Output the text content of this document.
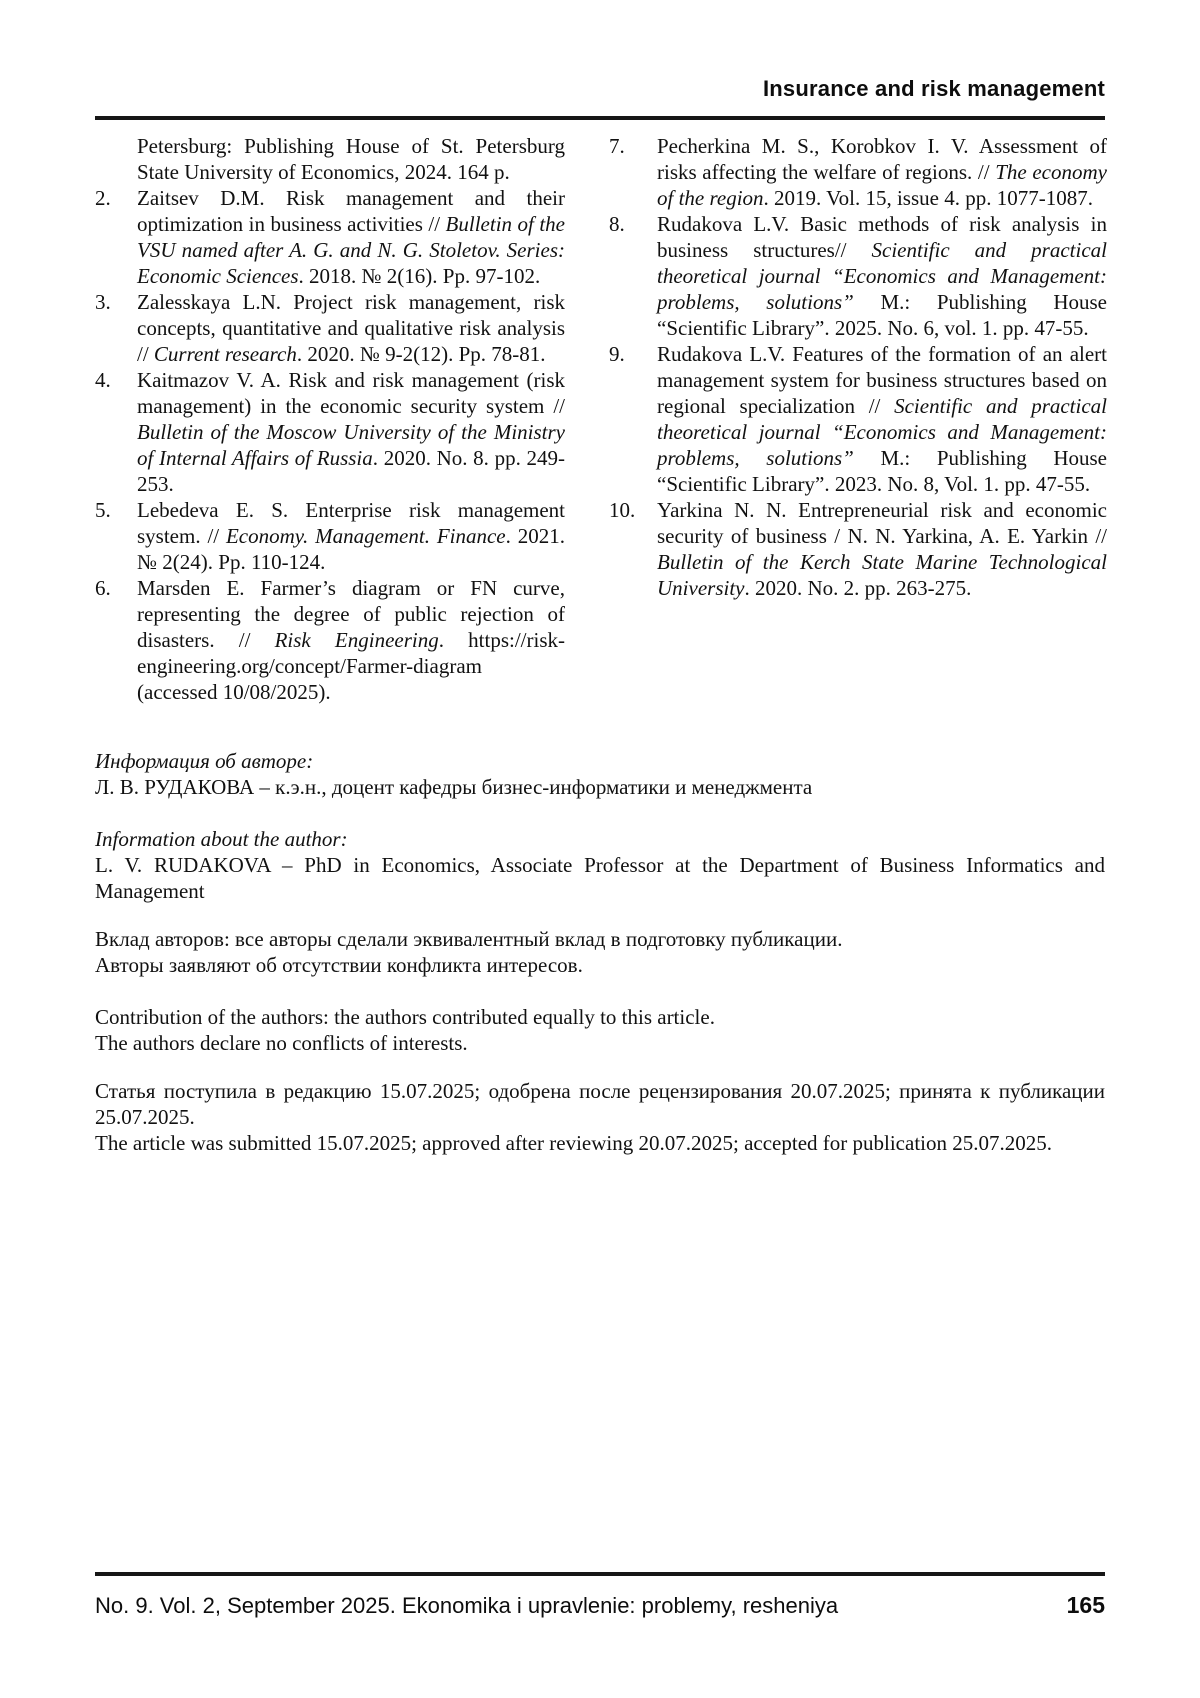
Insurance and risk management
Petersburg: Publishing House of St. Petersburg State University of Economics, 2024. 164 p.
2.	Zaitsev D.M. Risk management and their optimization in business activities // Bulletin of the VSU named after A. G. and N. G. Stoletov. Series: Economic Sciences. 2018. № 2(16). Pp. 97-102.
3.	Zalesskaya L.N. Project risk management, risk concepts, quantitative and qualitative risk analysis // Current research. 2020. № 9-2(12). Pp. 78-81.
4.	Kaitmazov V. A. Risk and risk management (risk management) in the economic security system // Bulletin of the Moscow University of the Ministry of Internal Affairs of Russia. 2020. No. 8. pp. 249-253.
5.	Lebedeva E. S. Enterprise risk management system. // Economy. Management. Finance. 2021. № 2(24). Pp. 110-124.
6.	Marsden E. Farmer’s diagram or FN curve, representing the degree of public rejection of disasters. // Risk Engineering. https://risk-engineering.org/concept/Farmer-diagram (accessed 10/08/2025).
7.	Pecherkina M. S., Korobkov I. V. Assessment of risks affecting the welfare of regions. // The economy of the region. 2019. Vol. 15, issue 4. pp. 1077-1087.
8.	Rudakova L.V. Basic methods of risk analysis in business structures// Scientific and practical theoretical journal “Economics and Management: problems, solutions” M.: Publishing House “Scientific Library”. 2025. No. 6, vol. 1. pp. 47-55.
9.	Rudakova L.V. Features of the formation of an alert management system for business structures based on regional specialization // Scientific and practical theoretical journal “Economics and Management: problems, solutions” M.: Publishing House “Scientific Library”. 2023. No. 8, Vol. 1. pp. 47-55.
10.	Yarkina N. N. Entrepreneurial risk and economic security of business / N. N. Yarkina, A. E. Yarkin // Bulletin of the Kerch State Marine Technological University. 2020. No. 2. pp. 263-275.

Информация об авторе:

Л. В. РУДАКОВА – к.э.н., доцент кафедры бизнес-информатики и менеджмента

Information about the author:

L. V. RUDAKOVA – PhD in Economics, Associate Professor at the Department of Business Informatics and Management

Вклад авторов: все авторы сделали эквивалентный вклад в подготовку публикации.

Авторы заявляют об отсутствии конфликта интересов.

Contribution of the authors: the authors contributed equally to this article.

The authors declare no conflicts of interests.

Статья поступила в редакцию 15.07.2025; одобрена после рецензирования 20.07.2025; принята к публикации 25.07.2025.

The article was submitted 15.07.2025; approved after reviewing 20.07.2025; accepted for publication 25.07.2025.

No. 9. Vol. 2, September 2025. Ekonomika i upravlenie: problemy, resheniya	165
